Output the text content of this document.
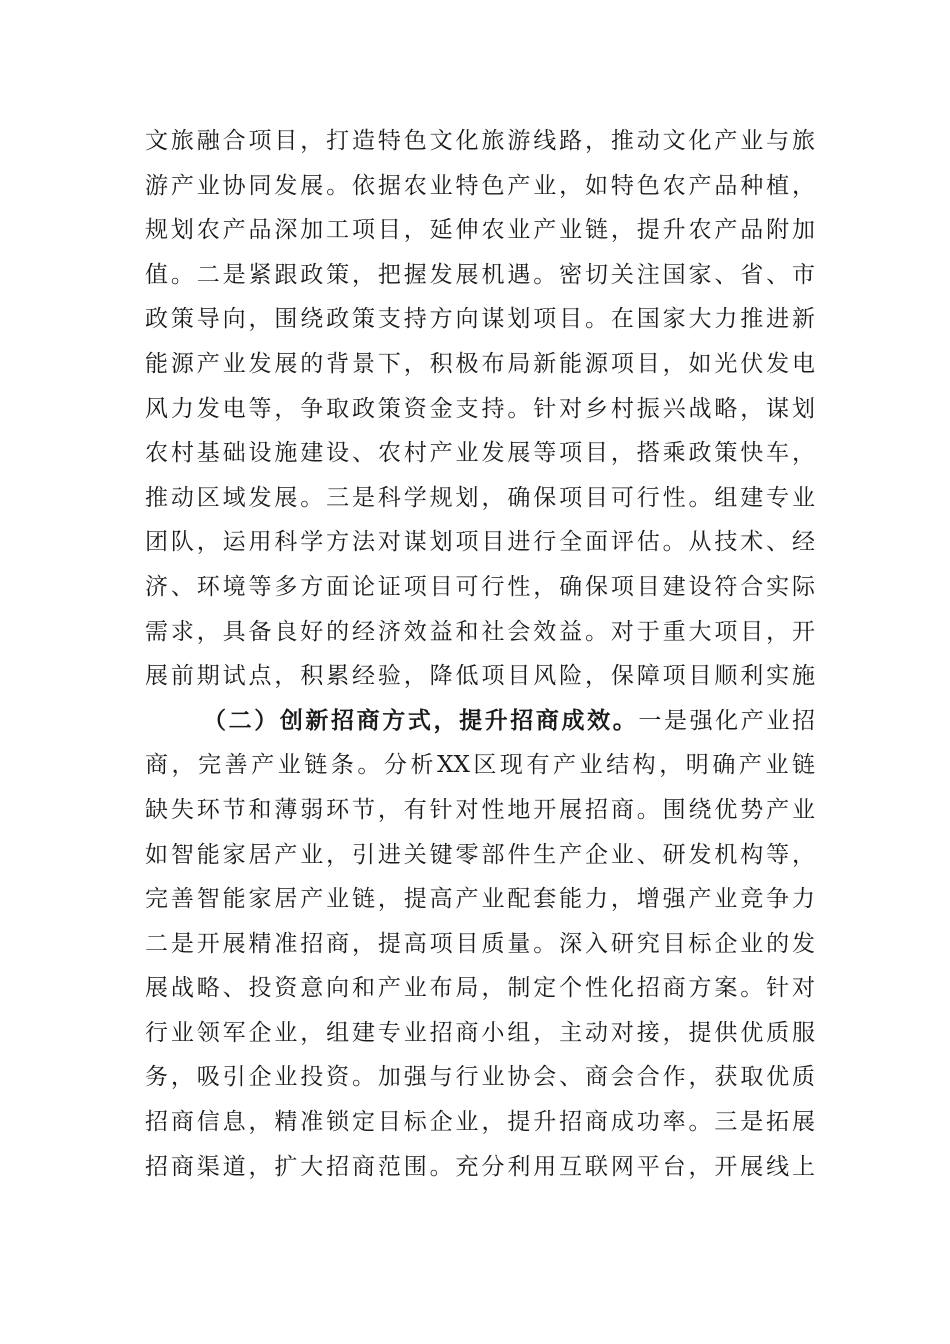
文旅融合项目，打造特色文化旅游线路，推动文化产业与旅
游产业协同发展。依据农业特色产业，如特色农产品种植，
规划农产品深加工项目，延伸农业产业链，提升农产品附加
值。二是紧跟政策，把握发展机遇。密切关注国家、省、市
政策导向，围绕政策支持方向谋划项目。在国家大力推进新
能源产业发展的背景下，积极布局新能源项目，如光伏发电
风力发电等，争取政策资金支持。针对乡村振兴战略，谋划
农村基础设施建设、农村产业发展等项目，搭乘政策快车，
推动区域发展。三是科学规划，确保项目可行性。组建专业
团队，运用科学方法对谋划项目进行全面评估。从技术、经
济、环境等多方面论证项目可行性，确保项目建设符合实际
需求，具备良好的经济效益和社会效益。对于重大项目，开
展前期试点，积累经验，降低项目风险，保障项目顺利实施
（二）创新招商方式，提升招商成效。一是强化产业招
商，完善产业链条。分析XX区现有产业结构，明确产业链
缺失环节和薄弱环节，有针对性地开展招商。围绕优势产业
如智能家居产业，引进关键零部件生产企业、研发机构等，
完善智能家居产业链，提高产业配套能力，增强产业竞争力
二是开展精准招商，提高项目质量。深入研究目标企业的发
展战略、投资意向和产业布局，制定个性化招商方案。针对
行业领军企业，组建专业招商小组，主动对接，提供优质服
务，吸引企业投资。加强与行业协会、商会合作，获取优质
招商信息，精准锁定目标企业，提升招商成功率。三是拓展
招商渠道，扩大招商范围。充分利用互联网平台，开展线上
